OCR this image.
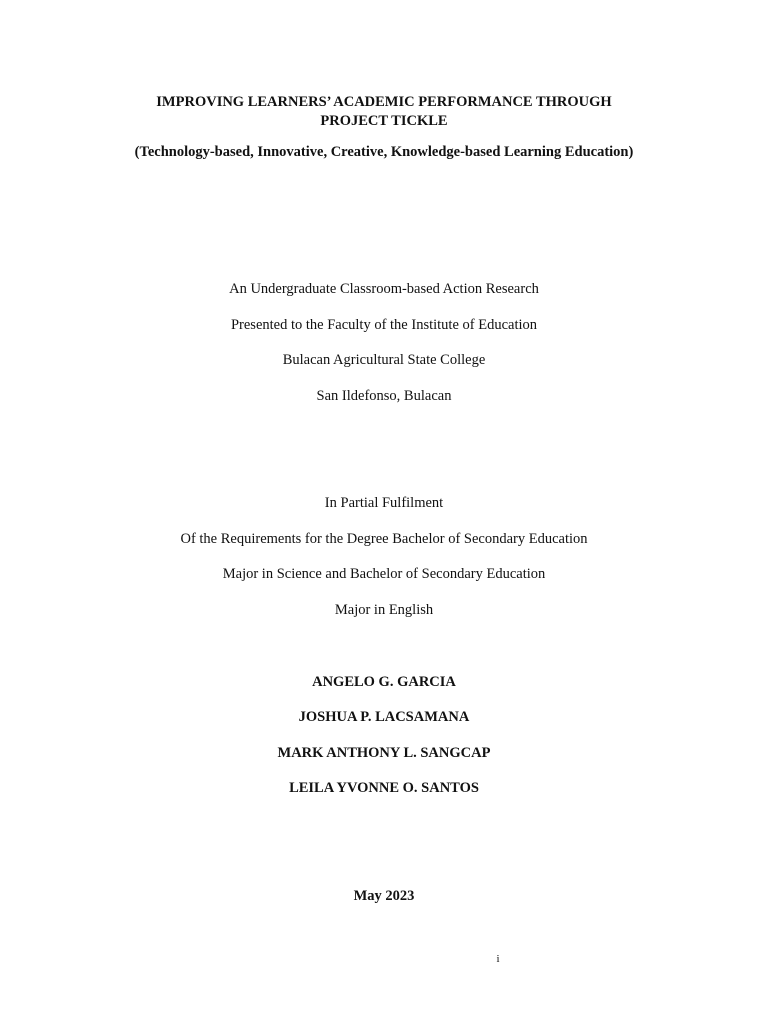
IMPROVING LEARNERS’ ACADEMIC PERFORMANCE THROUGH
PROJECT TICKLE
(Technology-based, Innovative, Creative, Knowledge-based Learning Education)
An Undergraduate Classroom-based Action Research
Presented to the Faculty of the Institute of Education
Bulacan Agricultural State College
San Ildefonso, Bulacan
In Partial Fulfilment
Of the Requirements for the Degree Bachelor of Secondary Education
Major in Science and Bachelor of Secondary Education
Major in English
ANGELO G. GARCIA
JOSHUA P. LACSAMANA
MARK ANTHONY L. SANGCAP
LEILA YVONNE O. SANTOS
May 2023
i
